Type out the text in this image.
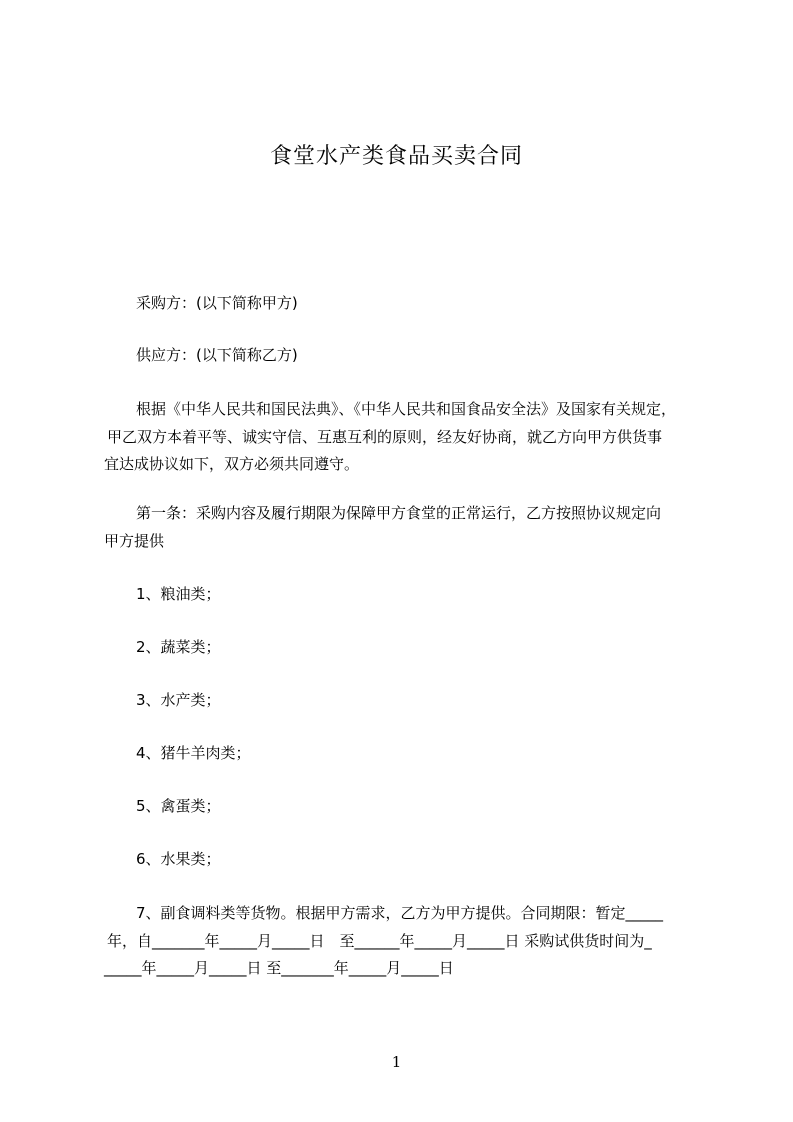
食堂水产类食品买卖合同

采购方：(以下简称甲方)

供应方：(以下简称乙方)

根据《中华人民共和国民法典》、《中华人民共和国食品安全法》及国家有关规定，

甲乙双方本着平等、诚实守信、互惠互利的原则，经友好协商，就乙方向甲方供货事

宜达成协议如下，双方必须共同遵守。

第一条：采购内容及履行期限为保障甲方食堂的正常运行，乙方按照协议规定向

甲方提供

1、粮油类；

2、蔬菜类；

3、水产类；

4、猪牛羊肉类；

5、禽蛋类；

6、水果类；

7、副食调料类等货物。根据甲方需求，乙方为甲方提供。合同期限：暂定_____

年，自_______年_____月_____日　至______年_____月_____日 采购试供货时间为_

_____年_____月_____日 至_______年_____月_____日

1
